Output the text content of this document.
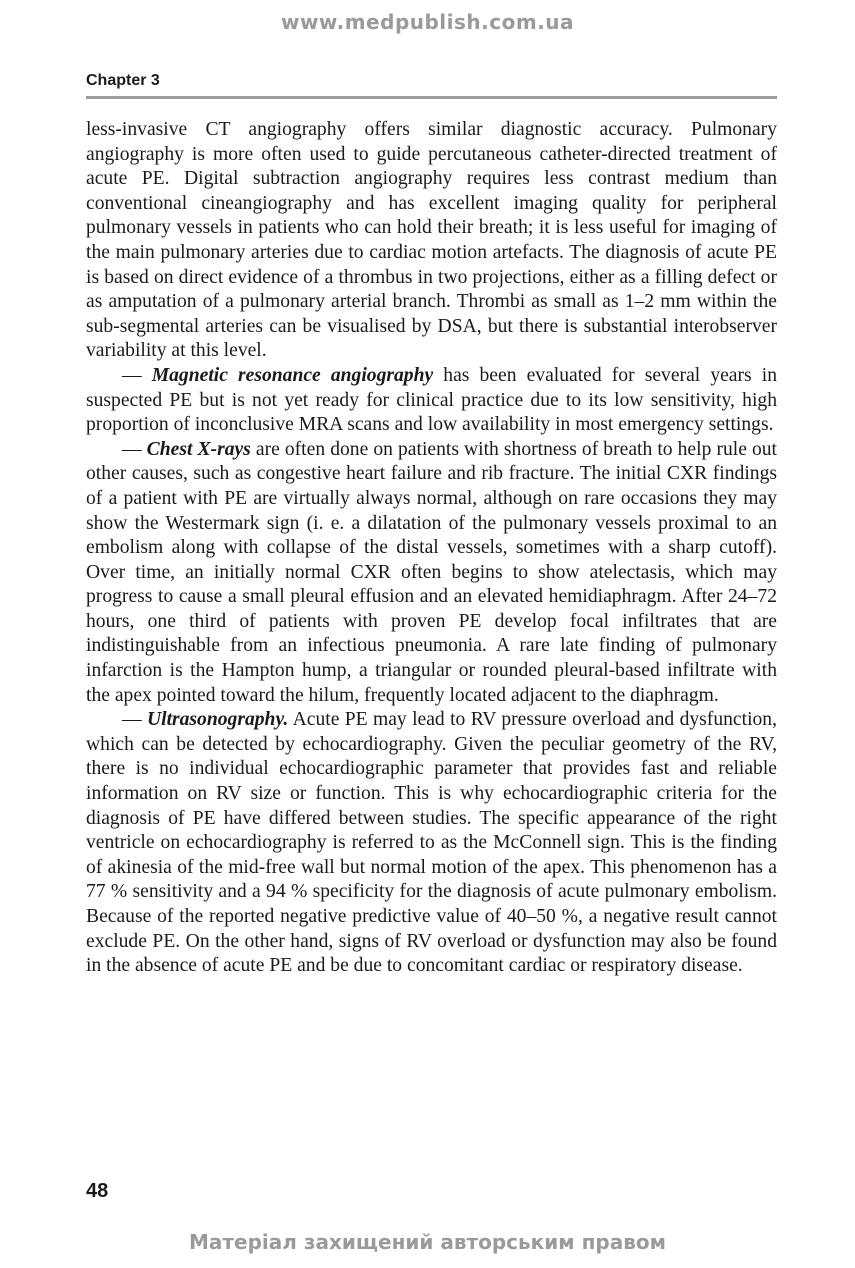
www.medpublish.com.ua
Chapter 3

less-invasive CT angiography offers similar diagnostic accuracy. Pulmonary angiography is more often used to guide percutaneous catheter-directed treatment of acute PE. Digital subtraction angiography requires less contrast medium than conventional cineangiography and has excellent imaging quality for peripheral pulmonary vessels in patients who can hold their breath; it is less useful for imaging of the main pulmonary arteries due to cardiac motion artefacts. The diagnosis of acute PE is based on direct evidence of a thrombus in two projections, either as a filling defect or as amputation of a pulmonary arterial branch. Thrombi as small as 1–2 mm within the sub-segmental arteries can be visualised by DSA, but there is substantial interobserver variability at this level.

— Magnetic resonance angiography has been evaluated for several years in suspected PE but is not yet ready for clinical practice due to its low sensitivity, high proportion of inconclusive MRA scans and low availability in most emergency settings.

— Chest X-rays are often done on patients with shortness of breath to help rule out other causes, such as congestive heart failure and rib fracture. The initial CXR findings of a patient with PE are virtually always normal, although on rare occasions they may show the Westermark sign (i. e. a dilatation of the pulmonary vessels proximal to an embolism along with collapse of the distal vessels, sometimes with a sharp cutoff). Over time, an initially normal CXR often begins to show atelectasis, which may progress to cause a small pleural effusion and an elevated hemidiaphragm. After 24–72 hours, one third of patients with proven PE develop focal infiltrates that are indistinguishable from an infectious pneumonia. A rare late finding of pulmonary infarction is the Hampton hump, a triangular or rounded pleural-based infiltrate with the apex pointed toward the hilum, frequently located adjacent to the diaphragm.

— Ultrasonography. Acute PE may lead to RV pressure overload and dysfunction, which can be detected by echocardiography. Given the peculiar geometry of the RV, there is no individual echocardiographic parameter that provides fast and reliable information on RV size or function. This is why echocardiographic criteria for the diagnosis of PE have differed between studies. The specific appearance of the right ventricle on echocardiography is referred to as the McConnell sign. This is the finding of akinesia of the mid-free wall but normal motion of the apex. This phenomenon has a 77 % sensitivity and a 94 % specificity for the diagnosis of acute pulmonary embolism. Because of the reported negative predictive value of 40–50 %, a negative result cannot exclude PE. On the other hand, signs of RV overload or dysfunction may also be found in the absence of acute PE and be due to concomitant cardiac or respiratory disease.

48
Матеріал захищений авторським правом
